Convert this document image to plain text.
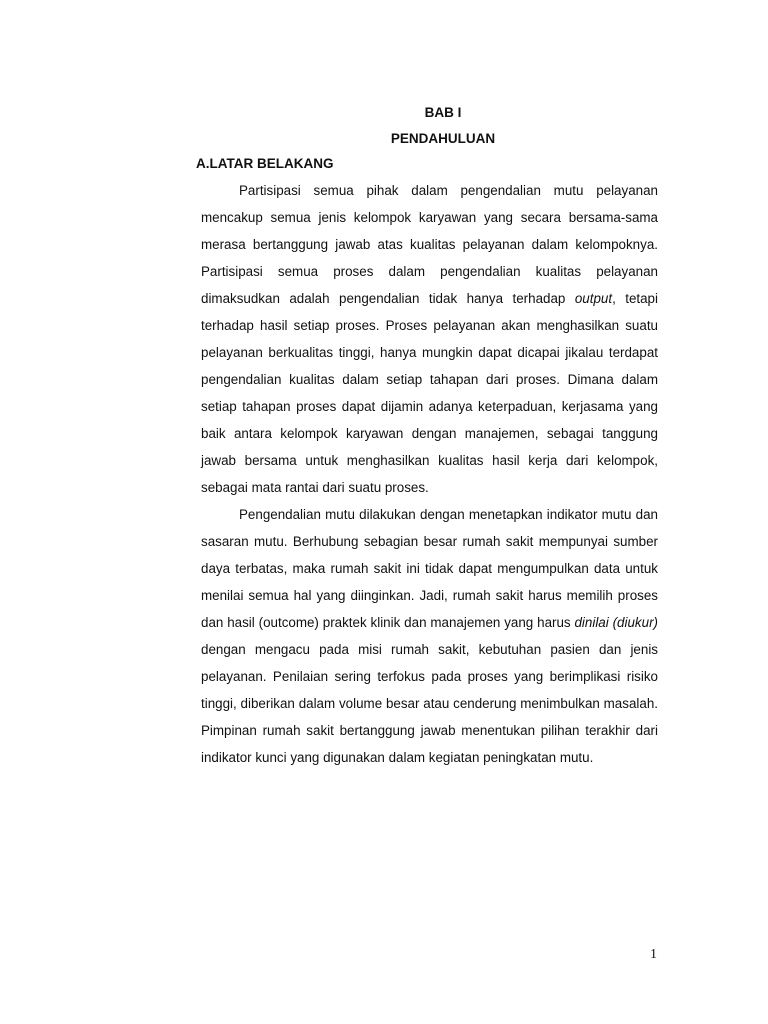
BAB I
PENDAHULUAN
A.LATAR BELAKANG

Partisipasi semua pihak dalam pengendalian mutu pelayanan mencakup semua jenis kelompok karyawan yang secara bersama-sama merasa bertanggung jawab atas kualitas pelayanan dalam kelompoknya. Partisipasi semua proses dalam pengendalian kualitas pelayanan dimaksudkan adalah pengendalian tidak hanya terhadap output, tetapi terhadap hasil setiap proses. Proses pelayanan akan menghasilkan suatu pelayanan berkualitas tinggi, hanya mungkin dapat dicapai jikalau terdapat pengendalian kualitas dalam setiap tahapan dari proses. Dimana dalam setiap tahapan proses dapat dijamin adanya keterpaduan, kerjasama yang baik antara kelompok karyawan dengan manajemen, sebagai tanggung jawab bersama untuk menghasilkan kualitas hasil kerja dari kelompok, sebagai mata rantai dari suatu proses.

Pengendalian mutu dilakukan dengan menetapkan indikator mutu dan sasaran mutu. Berhubung sebagian besar rumah sakit mempunyai sumber daya terbatas, maka rumah sakit ini tidak dapat mengumpulkan data untuk menilai semua hal yang diinginkan. Jadi, rumah sakit harus memilih proses dan hasil (outcome) praktek klinik dan manajemen yang harus dinilai (diukur) dengan mengacu pada misi rumah sakit, kebutuhan pasien dan jenis pelayanan. Penilaian sering terfokus pada proses yang berimplikasi risiko tinggi, diberikan dalam volume besar atau cenderung menimbulkan masalah. Pimpinan rumah sakit bertanggung jawab menentukan pilihan terakhir dari indikator kunci yang digunakan dalam kegiatan peningkatan mutu.

1
